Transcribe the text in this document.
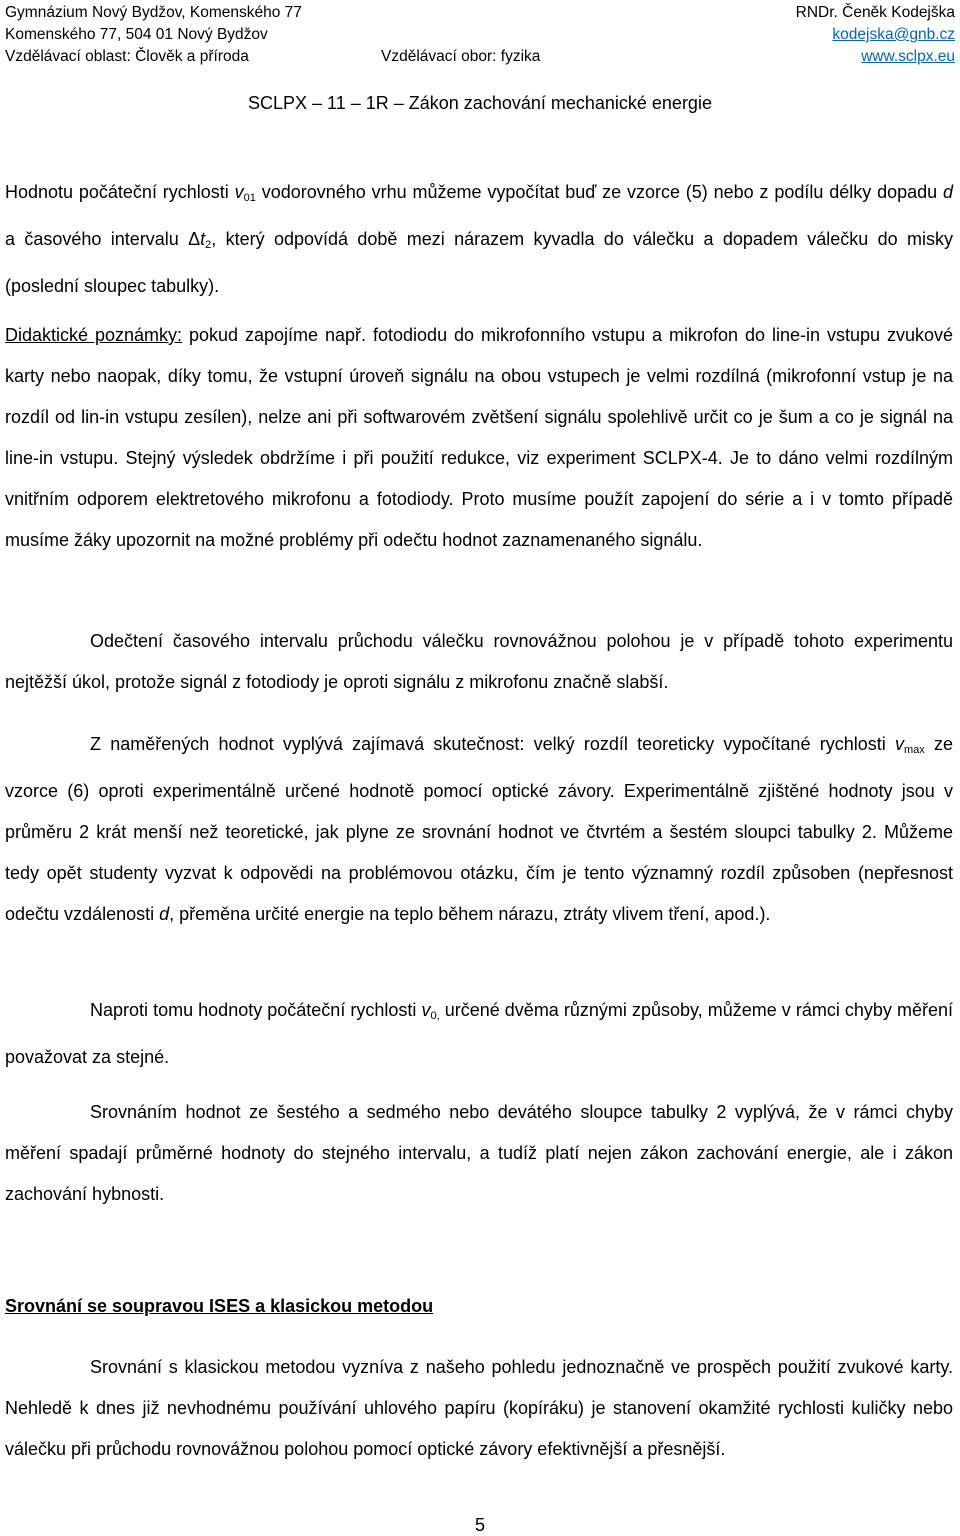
Gymnázium Nový Bydžov, Komenského 77	RNDr. Čeněk Kodejška
Komenského 77, 504 01 Nový Bydžov	kodejska@gnb.cz
Vzdělávací oblast: Člověk a příroda	Vzdělávací obor: fyzika	www.sclpx.eu
SCLPX – 11 – 1R – Zákon zachování mechanické energie

Hodnotu počáteční rychlosti $v_{01}$ vodorovného vrhu můžeme vypočítat buď ze vzorce (5) nebo z podílu délky dopadu d a časového intervalu $\Delta t_2$, který odpovídá době mezi nárazem kyvadla do válečku a dopadem válečku do misky (poslední sloupec tabulky).

Didaktické poznámky: pokud zapojíme např. fotodiodu do mikrofonního vstupu a mikrofon do line-in vstupu zvukové karty nebo naopak, díky tomu, že vstupní úroveň signálu na obou vstupech je velmi rozdílná (mikrofonní vstup je na rozdíl od lin-in vstupu zesílen), nelze ani při softwarovém zvětšení signálu spolehlivě určit co je šum a co je signál na line-in vstupu. Stejný výsledek obdržíme i při použití redukce, viz experiment SCLPX-4. Je to dáno velmi rozdílným vnitřním odporem elektretového mikrofonu a fotodiody. Proto musíme použít zapojení do série a i v tomto případě musíme žáky upozornit na možné problémy při odečtu hodnot zaznamenaného signálu.

Odečtení časového intervalu průchodu válečku rovnovážnou polohou je v případě tohoto experimentu nejtěžší úkol, protože signál z fotodiody je oproti signálu z mikrofonu značně slabší.

Z naměřených hodnot vyplývá zajímavá skutečnost: velký rozdíl teoreticky vypočítané rychlosti $v_{max}$ ze vzorce (6) oproti experimentálně určené hodnotě pomocí optické závory. Experimentálně zjištěné hodnoty jsou v průměru 2 krát menší než teoretické, jak plyne ze srovnání hodnot ve čtvrtém a šestém sloupci tabulky 2. Můžeme tedy opět studenty vyzvat k odpovědi na problémovou otázku, čím je tento významný rozdíl způsoben (nepřesnost odečtu vzdálenosti d, přeměna určité energie na teplo během nárazu, ztráty vlivem tření, apod.).

Naproti tomu hodnoty počáteční rychlosti $v_{0,}$ určené dvěma různými způsoby, můžeme v rámci chyby měření považovat za stejné.

Srovnáním hodnot ze šestého a sedmého nebo devátého sloupce tabulky 2 vyplývá, že v rámci chyby měření spadají průměrné hodnoty do stejného intervalu, a tudíž platí nejen zákon zachování energie, ale i zákon zachování hybnosti.

Srovnání se soupravou ISES a klasickou metodou

Srovnání s klasickou metodou vyzníva z našeho pohledu jednoznačně ve prospěch použití zvukové karty. Nehledě k dnes již nevhodnému používání uhlového papíru (kopíráku) je stanovení okamžité rychlosti kuličky nebo válečku při průchodu rovnovážnou polohou pomocí optické závory efektivnější a přesnější.

5
